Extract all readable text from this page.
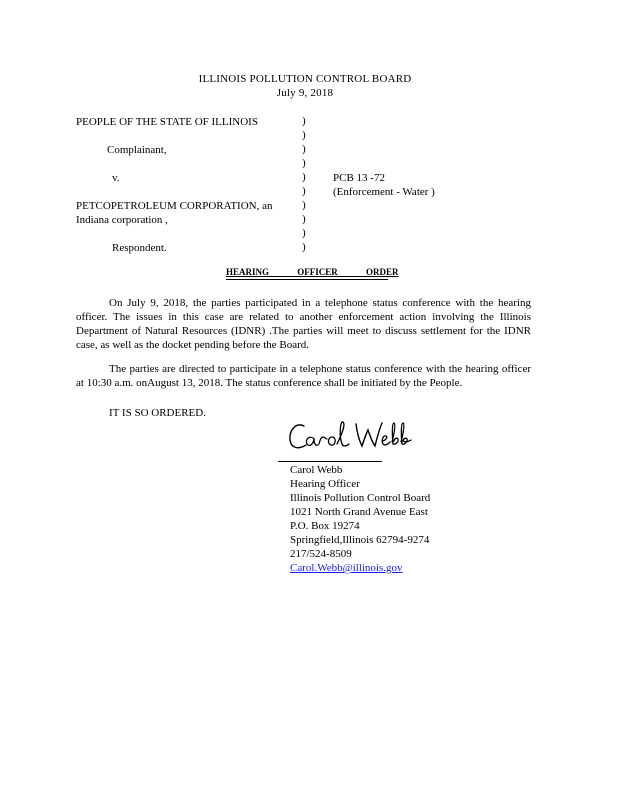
ILLINOIS POLLUTION CONTROL BOARD
July 9, 2018
PEOPLE OF THE STATE OF ILLINOIS
Complainant,
v.
PETCOPETROLEUM CORPORATION, an
Indiana corporation ,
Respondent.
)
)
)
)
)
)
)
)
)
)
PCB 13 -72
(Enforcement - Water )
HEARING OFFICER ORDER

On July 9, 2018, the parties participated in a telephone status conference with the hearing officer. The issues in this case are related to another enforcement action involving the Illinois Department of Natural Resources (IDNR) .The parties will meet to discuss settlement for the IDNR case, as well as the docket pending before the Board.

The parties are directed to participate in a telephone status conference with the hearing officer at 10:30 a.m. onAugust 13, 2018. The status conference shall be initiated by the People.

IT IS SO ORDERED.
Carol Webb
Hearing Officer
Illinois Pollution Control Board
1021 North Grand Avenue East
P.O. Box 19274
Springfield,Illinois 62794-9274
217/524-8509
Carol.Webb@illinois.gov
